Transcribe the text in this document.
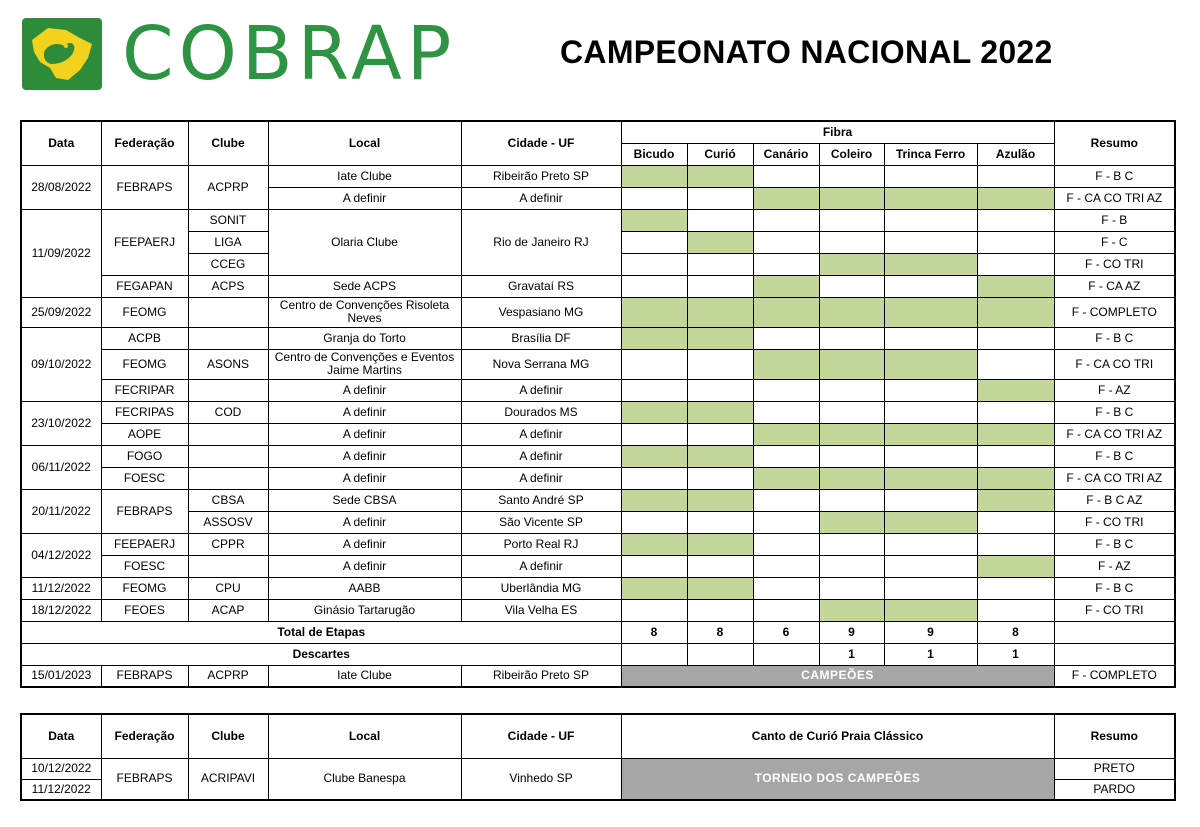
COBRAP	CAMPEONATO NACIONAL 2022
Data	Federação	Clube	Local	Cidade - UF	Fibra						Resumo
					Bicudo	Curió	Canário	Coleiro	Trinca Ferro	Azulão	
28/08/2022	FEBRAPS	ACPRP	Iate Clube	Ribeirão Preto SP							F - B C
			A definir	A definir							F - CA CO TRI AZ
11/09/2022	FEEPAERJ	SONIT	Olaria Clube	Rio de Janeiro RJ							F - B
		LIGA									F - C
		CCEG									F - CO TRI
	FEGAPAN	ACPS	Sede ACPS	Gravataí RS							F - CA AZ
25/09/2022	FEOMG		Centro de Convenções Risoleta Neves	Vespasiano MG							F - COMPLETO
09/10/2022	ACPB		Granja do Torto	Brasília DF							F - B C
	FEOMG	ASONS	Centro de Convenções e Eventos Jaime Martins	Nova Serrana MG							F - CA CO TRI
	FECRIPAR		A definir	A definir							F - AZ
23/10/2022	FECRIPAS	COD	A definir	Dourados MS							F - B C
	AOPE		A definir	A definir							F - CA CO TRI AZ
06/11/2022	FOGO		A definir	A definir							F - B C
	FOESC		A definir	A definir							F - CA CO TRI AZ
20/11/2022	FEBRAPS	CBSA	Sede CBSA	Santo André SP							F - B C AZ
		ASSOSV	A definir	São Vicente SP							F - CO TRI
04/12/2022	FEEPAERJ	CPPR	A definir	Porto Real RJ							F - B C
	FOESC		A definir	A definir							F - AZ
11/12/2022	FEOMG	CPU	AABB	Uberlândia MG							F - B C
18/12/2022	FEOES	ACAP	Ginásio Tartarugão	Vila Velha ES							F - CO TRI
Total de Etapas					8	8	6	9	9	8	
Descartes								1	1	1	
15/01/2023	FEBRAPS	ACPRP	Iate Clube	Ribeirão Preto SP	CAMPEÕES						F - COMPLETO
Data	Federação	Clube	Local	Cidade - UF	Canto de Curió Praia Clássico	Resumo
10/12/2022	FEBRAPS	ACRIPAVI	Clube Banespa	Vinhedo SP	TORNEIO DOS CAMPEÕES	PRETO
11/12/2022						PARDO
